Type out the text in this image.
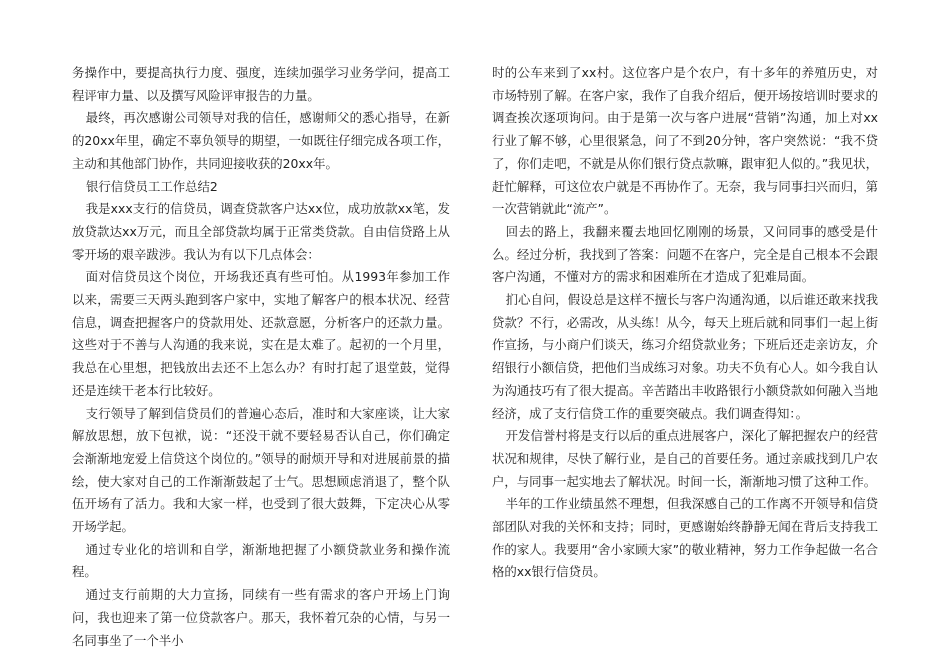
务操作中，要提高执行力度、强度，连续加强学习业务学问，提高工程评审力量、以及撰写风险评审报告的力量。

最终，再次感谢公司领导对我的信任，感谢师父的悉心指导，在新的20xx年里，确定不辜负领导的期望，一如既往仔细完成各项工作，主动和其他部门协作，共同迎接收获的20xx年。

银行信贷员工工作总结2

我是xxx支行的信贷员，调查贷款客户达xx位，成功放款xx笔，发放贷款达xx万元，而且全部贷款均属于正常类贷款。自由信贷路上从零开场的艰辛跋涉。我认为有以下几点体会：

面对信贷员这个岗位，开场我还真有些可怕。从1993年参加工作以来，需要三天两头跑到客户家中，实地了解客户的根本状况、经营信息，调查把握客户的贷款用处、还款意愿，分析客户的还款力量。这些对于不善与人沟通的我来说，实在是太难了。起初的一个月里，我总在心里想，把钱放出去还不上怎么办？有时打起了退堂鼓，觉得还是连续干老本行比较好。

支行领导了解到信贷员们的普遍心态后，准时和大家座谈，让大家解放思想，放下包袱，说：“还没干就不要轻易否认自己，你们确定会渐渐地宠爱上信贷这个岗位的。”领导的耐烦开导和对进展前景的描绘，使大家对自己的工作渐渐鼓起了士气。思想顾虑消退了，整个队伍开场有了活力。我和大家一样，也受到了很大鼓舞，下定决心从零开场学起。

通过专业化的培训和自学，渐渐地把握了小额贷款业务和操作流程。

通过支行前期的大力宣扬，同续有一些有需求的客户开场上门询问，我也迎来了第一位贷款客户。那天，我怀着冗杂的心情，与另一名同事坐了一个半小

时的公车来到了xx村。这位客户是个农户，有十多年的养殖历史，对市场特别了解。在客户家，我作了自我介绍后，便开场按培训时要求的调查挨次逐项询问。由于是第一次与客户进展“营销”沟通，加上对xx行业了解不够，心里很紧急，问了不到20分钟，客户突然说：“我不贷了，你们走吧，不就是从你们银行贷点款嘛，跟审犯人似的。”我见状，赶忙解释，可这位农户就是不再协作了。无奈，我与同事扫兴而归，第一次营销就此“流产”。

回去的路上，我翻来覆去地回忆刚刚的场景，又问同事的感受是什么。经过分析，我找到了答案：问题不在客户，完全是自己根本不会跟客户沟通，不懂对方的需求和困难所在才造成了犯难局面。

扪心自问，假设总是这样不擅长与客户沟通沟通，以后谁还敢来找我贷款？不行，必需改，从头练！从今，每天上班后就和同事们一起上街作宣扬，与小商户们谈天，练习介绍贷款业务；下班后还走亲访友，介绍银行小额信贷，把他们当成练习对象。功夫不负有心人。如今我自认为沟通技巧有了很大提高。辛苦踏出丰收路银行小额贷款如何融入当地经济，成了支行信贷工作的重要突破点。我们调查得知：。

开发信誉村将是支行以后的重点进展客户，深化了解把握农户的经营状况和规律，尽快了解行业，是自己的首要任务。通过亲戚找到几户农户，与同事一起实地去了解状况。时间一长，渐渐地习惯了这种工作。

半年的工作业绩虽然不理想，但我深感自己的工作离不开领导和信贷部团队对我的关怀和支持；同时，更感谢始终静静无闻在背后支持我工作的家人。我要用“舍小家顾大家”的敬业精神，努力工作争起做一名合格的xx银行信贷员。
